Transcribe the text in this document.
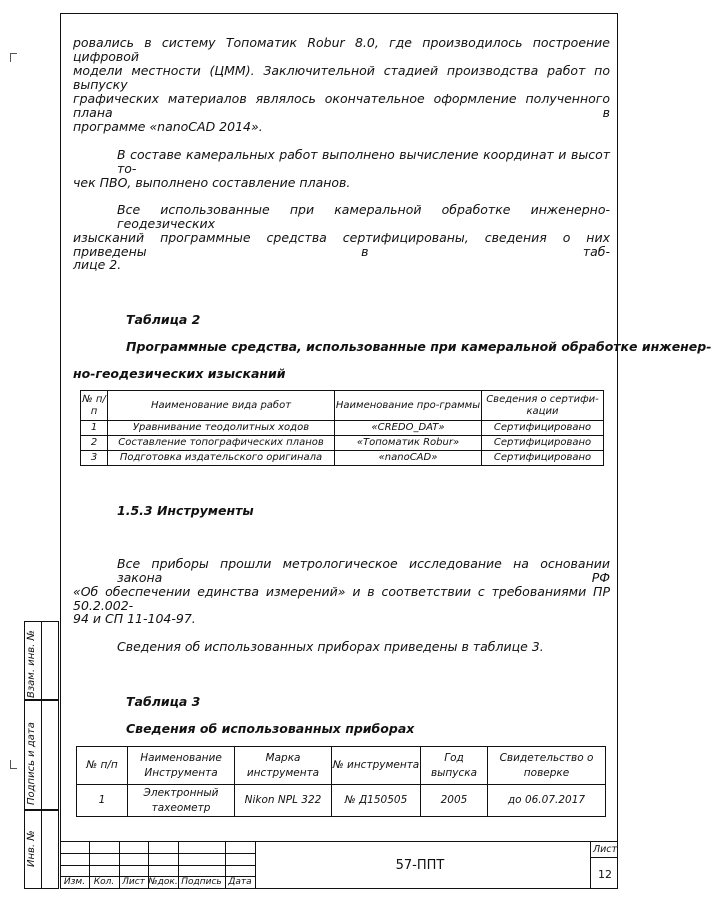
ровались в систему Топоматик Robur 8.0, где производилось построение цифровой
модели местности (ЦММ). Заключительной стадией производства работ по выпуску
графических материалов являлось окончательное оформление полученного плана в
программе «nanoCAD 2014».
В составе камеральных работ выполнено вычисление координат и высот то-
чек ПВО, выполнено составление планов.
Все использованные при камеральной обработке инженерно-геодезических
изысканий программные средства сертифицированы, сведения о них приведены в таб-
лице 2.
Таблица 2
Программные средства, использованные при камеральной обработке инженер-
но-геодезических изысканий
№ п/п	Наименование вида работ	Наименование про-граммы	Сведения о сертифи-кации
1	Уравнивание теодолитных ходов	«CREDO_DAT»	Сертифицировано
2	Составление топографических планов	«Топоматик Robur»	Сертифицировано
3	Подготовка издательского оригинала	«nanoCAD»	Сертифицировано
1.5.3 Инструменты
Все приборы прошли метрологическое исследование на основании закона РФ
«Об обеспечении единства измерений» и в соответствии с требованиями ПР 50.2.002-
94 и СП 11-104-97.
Сведения об использованных приборах приведены в таблице 3.
Таблица 3
Сведения об использованных приборах
№ п/п	Наименование Инструмента	Марка инструмента	№ инструмента	Год выпуска	Свидетельство о поверке
1	Электронный тахеометр	Nikon NPL 322	№ Д150505	2005	до 06.07.2017
Взам. инв. №
Подпись и дата
Инв. №
Изм. Кол. Лист №док. Подпись Дата
57-ППТ
Лист
12
